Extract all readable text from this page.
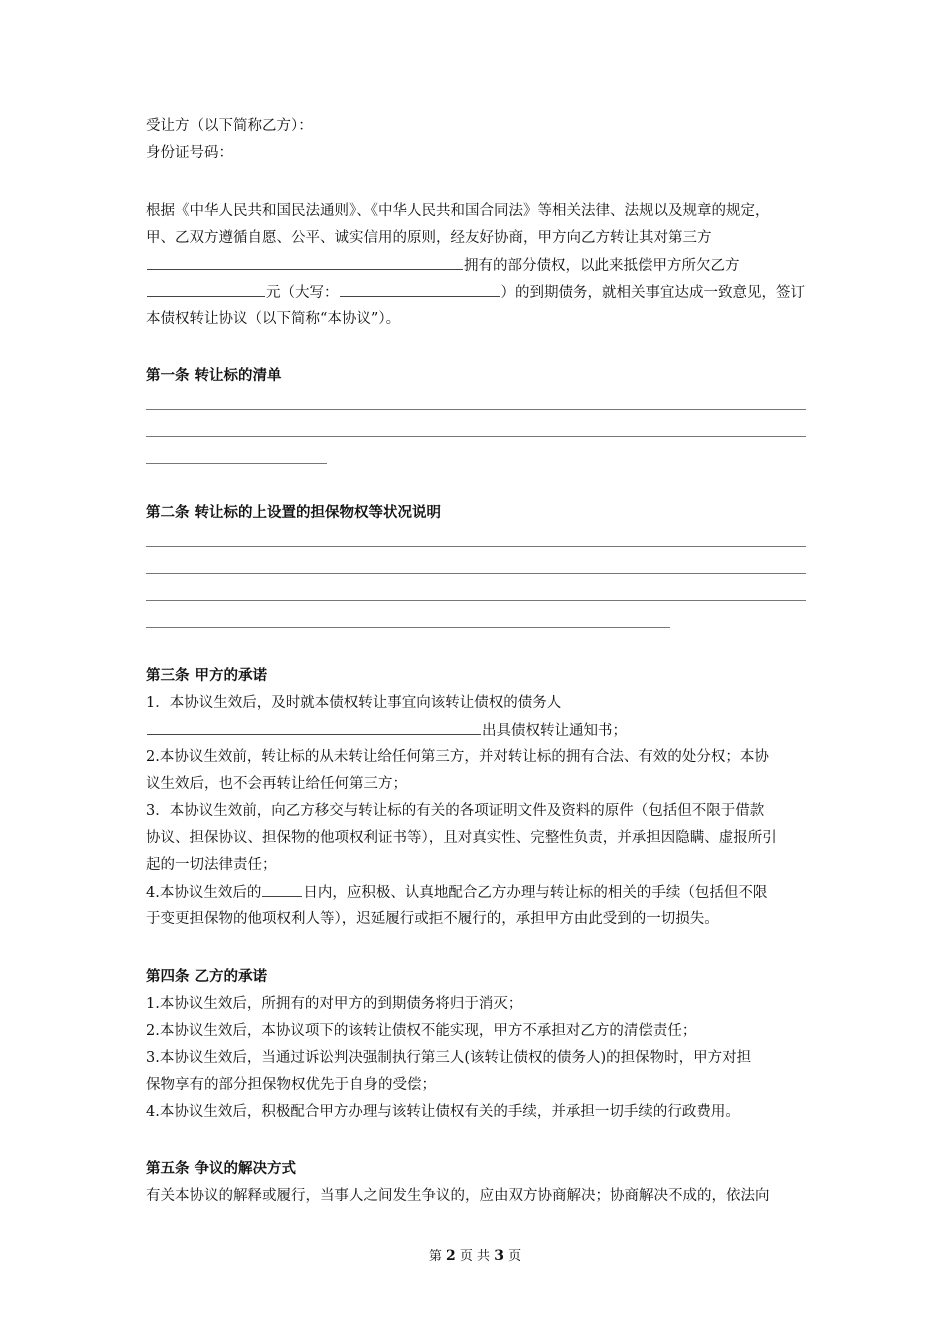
受让方（以下简称乙方）：
身份证号码：
根据《中华人民共和国民法通则》、《中华人民共和国合同法》等相关法律、法规以及规章的规定，
甲、乙双方遵循自愿、公平、诚实信用的原则，经友好协商，甲方向乙方转让其对第三方
拥有的部分债权，以此来抵偿甲方所欠乙方
元（大写：	）的到期债务，就相关事宜达成一致意见，签订
本债权转让协议（以下简称“本协议”）。
第一条 转让标的清单
第二条 转让标的上设置的担保物权等状况说明
第三条 甲方的承诺
1．本协议生效后，及时就本债权转让事宜向该转让债权的债务人
出具债权转让通知书；
2.本协议生效前，转让标的从未转让给任何第三方，并对转让标的拥有合法、有效的处分权；本协
议生效后，也不会再转让给任何第三方；
3．本协议生效前，向乙方移交与转让标的有关的各项证明文件及资料的原件（包括但不限于借款
协议、担保协议、担保物的他项权利证书等），且对真实性、完整性负责，并承担因隐瞒、虚报所引
起的一切法律责任；
4.本协议生效后的	日内，应积极、认真地配合乙方办理与转让标的相关的手续（包括但不限
于变更担保物的他项权利人等），迟延履行或拒不履行的，承担甲方由此受到的一切损失。
第四条 乙方的承诺
1.本协议生效后，所拥有的对甲方的到期债务将归于消灭；
2.本协议生效后，本协议项下的该转让债权不能实现，甲方不承担对乙方的清偿责任；
3.本协议生效后，当通过诉讼判决强制执行第三人(该转让债权的债务人)的担保物时，甲方对担
保物享有的部分担保物权优先于自身的受偿；
4.本协议生效后，积极配合甲方办理与该转让债权有关的手续，并承担一切手续的行政费用。
第五条 争议的解决方式
有关本协议的解释或履行，当事人之间发生争议的，应由双方协商解决；协商解决不成的，依法向
第 2 页 共 3 页
